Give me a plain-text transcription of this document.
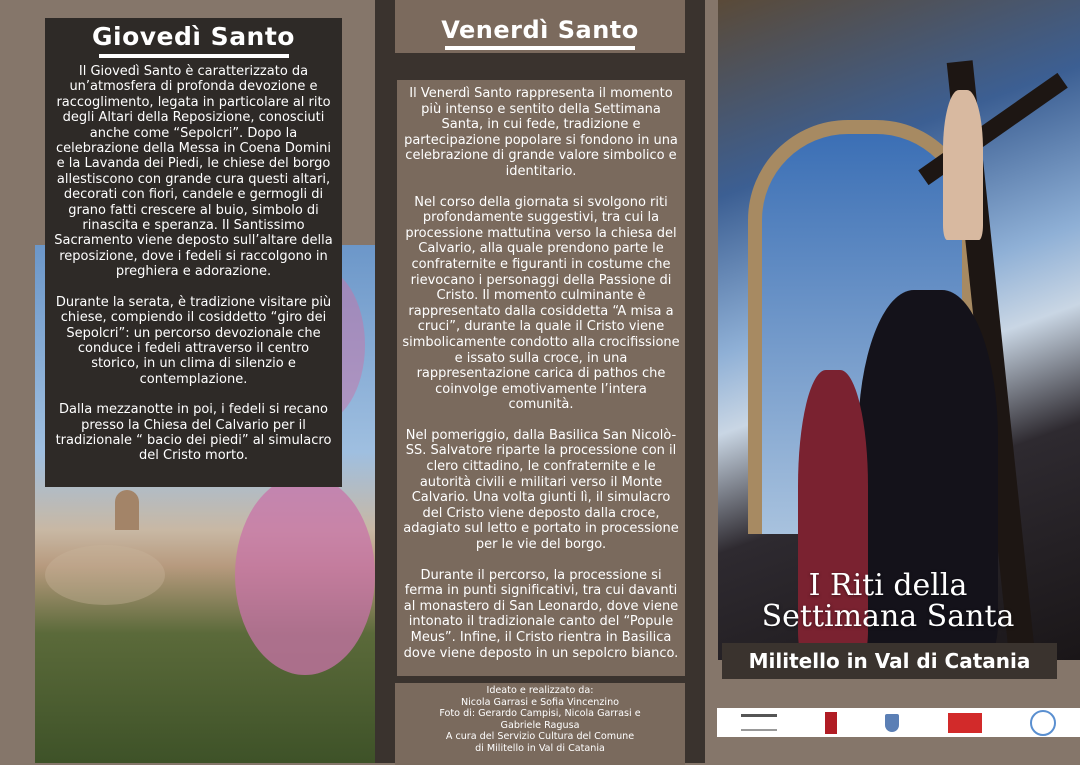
Giovedì Santo

Il Giovedì Santo è caratterizzato da un’atmosfera di profonda devozione e raccoglimento, legata in particolare al rito degli Altari della Reposizione, conosciuti anche come “Sepolcri”. Dopo la celebrazione della Messa in Coena Domini e la Lavanda dei Piedi, le chiese del borgo allestiscono con grande cura questi altari, decorati con fiori, candele e germogli di grano fatti crescere al buio, simbolo di rinascita e speranza. Il Santissimo Sacramento viene deposto sull’altare della reposizione, dove i fedeli si raccolgono in preghiera e adorazione.

Durante la serata, è tradizione visitare più chiese, compiendo il cosiddetto “giro dei Sepolcri”: un percorso devozionale che conduce i fedeli attraverso il centro storico, in un clima di silenzio e contemplazione.

Dalla mezzanotte in poi, i fedeli si recano presso la Chiesa del Calvario per il tradizionale “ bacio dei piedi” al simulacro del Cristo morto.

Venerdì Santo

Il Venerdì Santo rappresenta il momento più intenso e sentito della Settimana Santa, in cui fede, tradizione e partecipazione popolare si fondono in una celebrazione di grande valore simbolico e identitario.

Nel corso della giornata si svolgono riti profondamente suggestivi, tra cui la processione mattutina verso la chiesa del Calvario, alla quale prendono parte le confraternite e figuranti in costume che rievocano i personaggi della Passione di Cristo. Il momento culminante è rappresentato dalla cosiddetta “A misa a cruci”, durante la quale il Cristo viene simbolicamente condotto alla crocifissione e issato sulla croce, in una rappresentazione carica di pathos che coinvolge emotivamente l’intera comunità.

Nel pomeriggio, dalla Basilica San Nicolò-SS. Salvatore riparte la processione con il clero cittadino, le confraternite e le autorità civili e militari verso il Monte Calvario. Una volta giunti lì, il simulacro del Cristo viene deposto dalla croce, adagiato sul letto e portato in processione per le vie del borgo.

Durante il percorso, la processione si ferma in punti significativi, tra cui davanti al monastero di San Leonardo, dove viene intonato il tradizionale canto del “Popule Meus”. Infine, il Cristo rientra in Basilica dove viene deposto in un sepolcro bianco.

Ideato e realizzato da:
Nicola Garrasi e Sofia Vincenzino
Foto di: Gerardo Campisi, Nicola Garrasi e Gabriele Ragusa
A cura del Servizio Cultura del Comune di Militello in Val di Catania
I Riti della
Settimana Santa
Militello in Val di Catania
